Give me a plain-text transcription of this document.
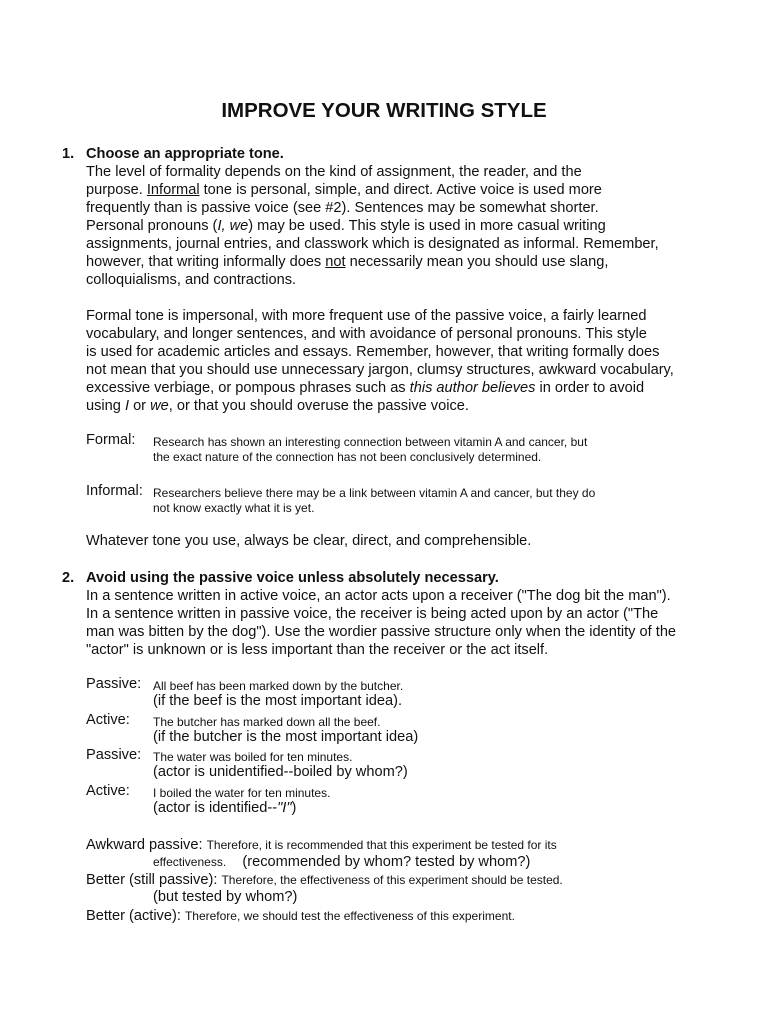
IMPROVE YOUR WRITING STYLE
1. Choose an appropriate tone.
The level of formality depends on the kind of assignment, the reader, and the
purpose. Informal tone is personal, simple, and direct. Active voice is used more
frequently than is passive voice (see #2). Sentences may be somewhat shorter.
Personal pronouns (I, we) may be used. This style is used in more casual writing
assignments, journal entries, and classwork which is designated as informal. Remember,
however, that writing informally does not necessarily mean you should use slang,
colloquialisms, and contractions.
Formal tone is impersonal, with more frequent use of the passive voice, a fairly learned
vocabulary, and longer sentences, and with avoidance of personal pronouns. This style
is used for academic articles and essays. Remember, however, that writing formally does
not mean that you should use unnecessary jargon, clumsy structures, awkward vocabulary,
excessive verbiage, or pompous phrases such as this author believes in order to avoid
using I or we, or that you should overuse the passive voice.
Formal: Research has shown an interesting connection between vitamin A and cancer, but
the exact nature of the connection has not been conclusively determined.
Informal: Researchers believe there may be a link between vitamin A and cancer, but they do
not know exactly what it is yet.
Whatever tone you use, always be clear, direct, and comprehensible.
2. Avoid using the passive voice unless absolutely necessary.
In a sentence written in active voice, an actor acts upon a receiver ("The dog bit the man").
In a sentence written in passive voice, the receiver is being acted upon by an actor ("The
man was bitten by the dog"). Use the wordier passive structure only when the identity of the
"actor" is unknown or is less important than the receiver or the act itself.
Passive: All beef has been marked down by the butcher.
(if the beef is the most important idea).
Active: The butcher has marked down all the beef.
(if the butcher is the most important idea)
Passive: The water was boiled for ten minutes.
(actor is unidentified--boiled by whom?)
Active: I boiled the water for ten minutes.
(actor is identified--"I")
Awkward passive: Therefore, it is recommended that this experiment be tested for its
effectiveness. (recommended by whom? tested by whom?)
Better (still passive): Therefore, the effectiveness of this experiment should be tested.
(but tested by whom?)
Better (active): Therefore, we should test the effectiveness of this experiment.
